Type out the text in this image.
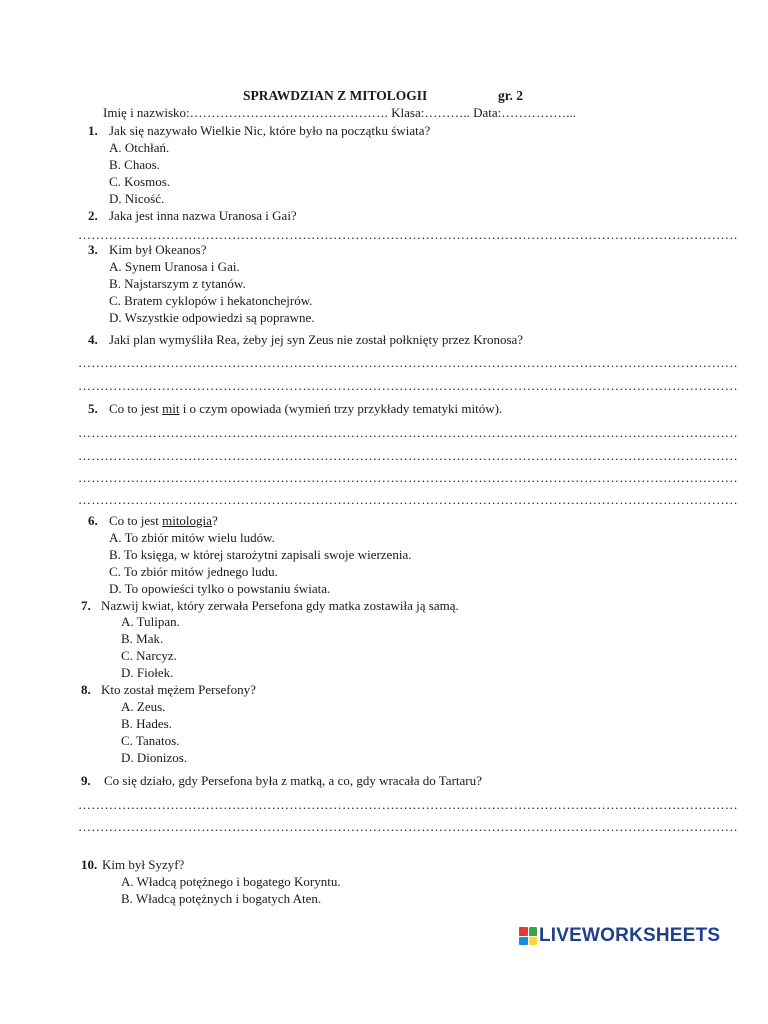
SPRAWDZIAN Z MITOLOGII	gr. 2
Imię i nazwisko:………………………………………. Klasa:……….. Data:……………...
1. Jak się nazywało Wielkie Nic, które było na początku świata?
A. Otchłań.
B. Chaos.
C. Kosmos.
D. Nicość.
2. Jaka jest inna nazwa Uranosa i Gai?
……………………………………………………………………………………………………………………………………
3. Kim był Okeanos?
A. Synem Uranosa i Gai.
B. Najstarszym z tytanów.
C. Bratem cyklopów i hekatonchejrów.
D. Wszystkie odpowiedzi są poprawne.
4. Jaki plan wymyśliła Rea, żeby jej syn Zeus nie został połknięty przez Kronosa?
……………………………………………………………………………………………………………………………………
……………………………………………………………………………………………………………………………………
5. Co to jest mit i o czym opowiada (wymień trzy przykłady tematyki mitów).
……………………………………………………………………………………………………………………………………
……………………………………………………………………………………………………………………………………
……………………………………………………………………………………………………………………………………
……………………………………………………………………………………………………………………………………
6. Co to jest mitologia?
A. To zbiór mitów wielu ludów.
B. To księga, w której starożytni zapisali swoje wierzenia.
C. To zbiór mitów jednego ludu.
D. To opowieści tylko o powstaniu świata.
7. Nazwij kwiat, który zerwała Persefona gdy matka zostawiła ją samą.
A. Tulipan.
B. Mak.
C. Narcyz.
D. Fiołek.
8. Kto został mężem Persefony?
A. Zeus.
B. Hades.
C. Tanatos.
D. Dionizos.
9. Co się działo, gdy Persefona była z matką, a co, gdy wracała do Tartaru?
……………………………………………………………………………………………………………………………………
……………………………………………………………………………………………………………………………………
10. Kim był Syzyf?
A. Władcą potężnego i bogatego Koryntu.
B. Władcą potężnych i bogatych Aten.
LIVEWORKSHEETS
